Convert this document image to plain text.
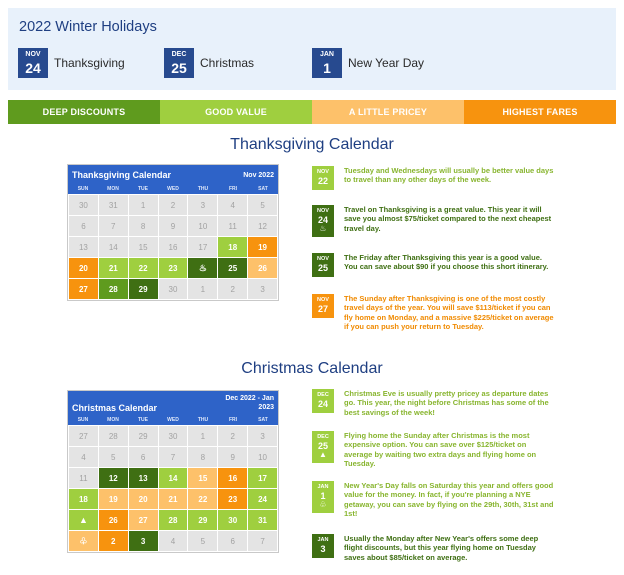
2022 Winter Holidays
NOV
24	Thanksgiving
DEC
25	Christmas
JAN
1	New Year Day
DEEP DISCOUNTS	GOOD VALUE	A LITTLE PRICEY	HIGHEST FARES
Thanksgiving Calendar
Thanksgiving Calendar	Nov 2022
SUN	MON	TUE	WED	THU	FRI	SAT
30	31	1	2	3	4	5
6	7	8	9	10	11	12
13	14	15	16	17	18	19
20	21	22	23	♨	25	26
27	28	29	30	1	2	3
NOV
22
Tuesday and Wednesdays will usually be better value days to travel than any other days of the week.
NOV
24
♨
Travel on Thanksgiving is a great value. This year it will save you almost $75/ticket compared to the next cheapest travel day.
NOV
25
The Friday after Thanksgiving this year is a good value. You can save about $90 if you choose this short itinerary.
NOV
27
The Sunday after Thanksgiving is one of the most costly travel days of the year. You will save $113/ticket if you can fly home on Monday, and a massive $225/ticket on average if you can push your return to Tuesday.
Christmas Calendar
Christmas Calendar
Dec 2022 - Jan
2023
SUN	MON	TUE	WED	THU	FRI	SAT
27	28	29	30	1	2	3
4	5	6	7	8	9	10
11	12	13	14	15	16	17
18	19	20	21	22	23	24
▲	26	27	28	29	30	31
♧	2	3	4	5	6	7
DEC
24
Christmas Eve is usually pretty pricey as departure dates go. This year, the night before Christmas has some of the best savings of the week!
DEC
25
▲
Flying home the Sunday after Christmas is the most expensive option. You can save over $125/ticket on average by waiting two extra days and flying home on Tuesday.
JAN
1
♧
New Year's Day falls on Saturday this year and offers good value for the money. In fact, if you're planning a NYE getaway, you can save by flying on the 29th, 30th, 31st and 1st!
JAN
3
Usually the Monday after New Year's offers some deep flight discounts, but this year flying home on Tuesday saves about $85/ticket on average.
